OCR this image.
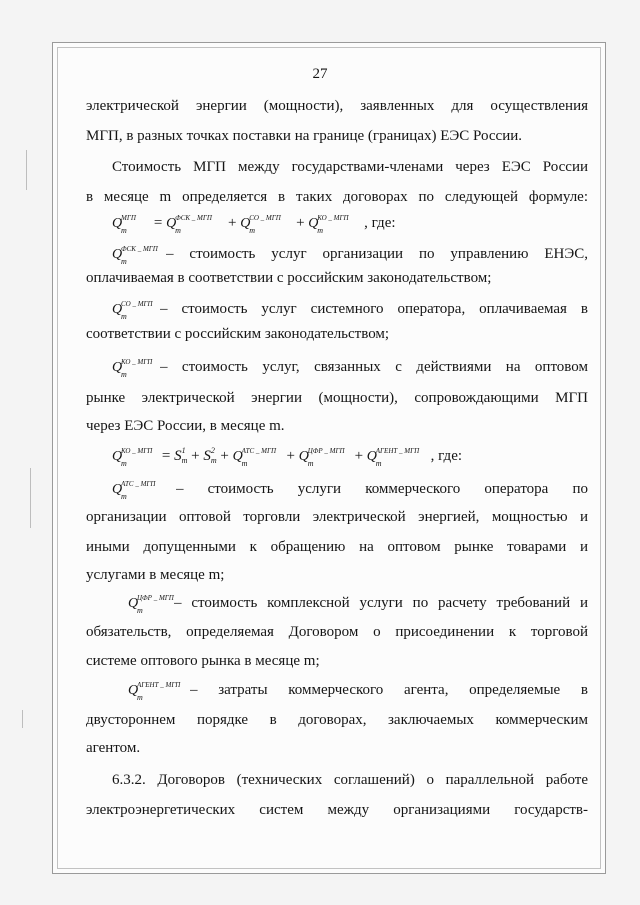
27
электрической энергии (мощности), заявленных для осуществления
МГП, в разных точках поставки на границе (границах) ЕЭС России.
Стоимость МГП между государствами-членами через ЕЭС России
в месяце m определяется в таких договорах по следующей формуле:
Q
МГП
m = Q
ФСК _ МГП
m	+ Q
СО _ МГП
m	+ Q
КО _ МГП
m	, где:
Q
ФСК _ МГП
m	– стоимость услуг организации по управлению ЕНЭС,
оплачиваемая в соответствии с российским законодательством;
Q
СО _ МГП
m – стоимость услуг системного оператора, оплачиваемая в
соответствии с российским законодательством;
Q
КО _ МГП
m – стоимость услуг, связанных с действиями на оптовом
рынке электрической энергии (мощности), сопровождающими МГП
через ЕЭС России, в месяце m.
Q
КО _ МГП
$m = S^1_m + S^2_m + Q$
АТС _ МГП
m	+ Q
ЦФР _ МГП
m	+ Q
АГЕНТ _ МГП
m	, где:
Q
АТС _ МГП
m	– стоимость услуги коммерческого оператора по
организации оптовой торговли электрической энергией, мощностью и
иными допущенными к обращению на оптовом рынке товарами и
услугами в месяце m;
Q
ЦФР _ МГП
m – стоимость комплексной услуги по расчету требований и
обязательств, определяемая Договором о присоединении к торговой
системе оптового рынка в месяце m;
Q
АГЕНТ _ МГП
m	– затраты коммерческого агента, определяемые в
двустороннем порядке в договорах, заключаемых коммерческим
агентом.
6.3.2. Договоров (технических соглашений) о параллельной работе
электроэнергетических систем между организациями государств-
